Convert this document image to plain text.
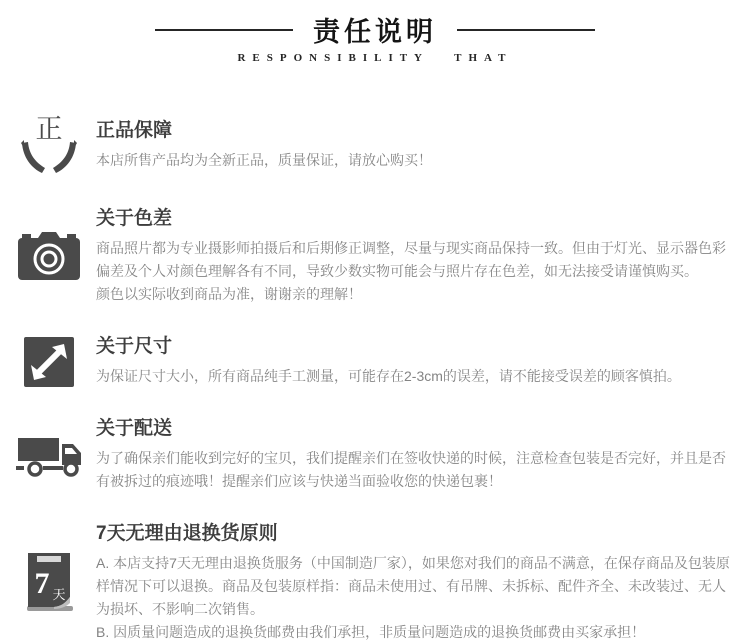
责任说明
RESPONSIBILITY THAT
正 正品保障

本店所售产品均为全新正品，质量保证，请放心购买！

关于色差

商品照片都为专业摄影师拍摄后和后期修正调整，尽量与现实商品保持一致。但由于灯光、显示器色彩偏差及个人对颜色理解各有不同，导致少数实物可能会与照片存在色差，如无法接受请谨慎购买。

颜色以实际收到商品为准，谢谢亲的理解！

关于尺寸

为保证尺寸大小，所有商品纯手工测量，可能存在2-3cm的误差，请不能接受误差的顾客慎拍。

关于配送

为了确保亲们能收到完好的宝贝，我们提醒亲们在签收快递的时候，注意检查包装是否完好，并且是否有被拆过的痕迹哦！提醒亲们应该与快递当面验收您的快递包裹！

7 天
7天无理由退换货原则

A. 本店支持7天无理由退换货服务（中国制造厂家），如果您对我们的商品不满意，在保存商品及包装原样情况下可以退换。商品及包装原样指：商品未使用过、有吊牌、未拆标、配件齐全、未改装过、无人为损坏、不影响二次销售。

B. 因质量问题造成的退换货邮费由我们承担，非质量问题造成的退换货邮费由买家承担！
